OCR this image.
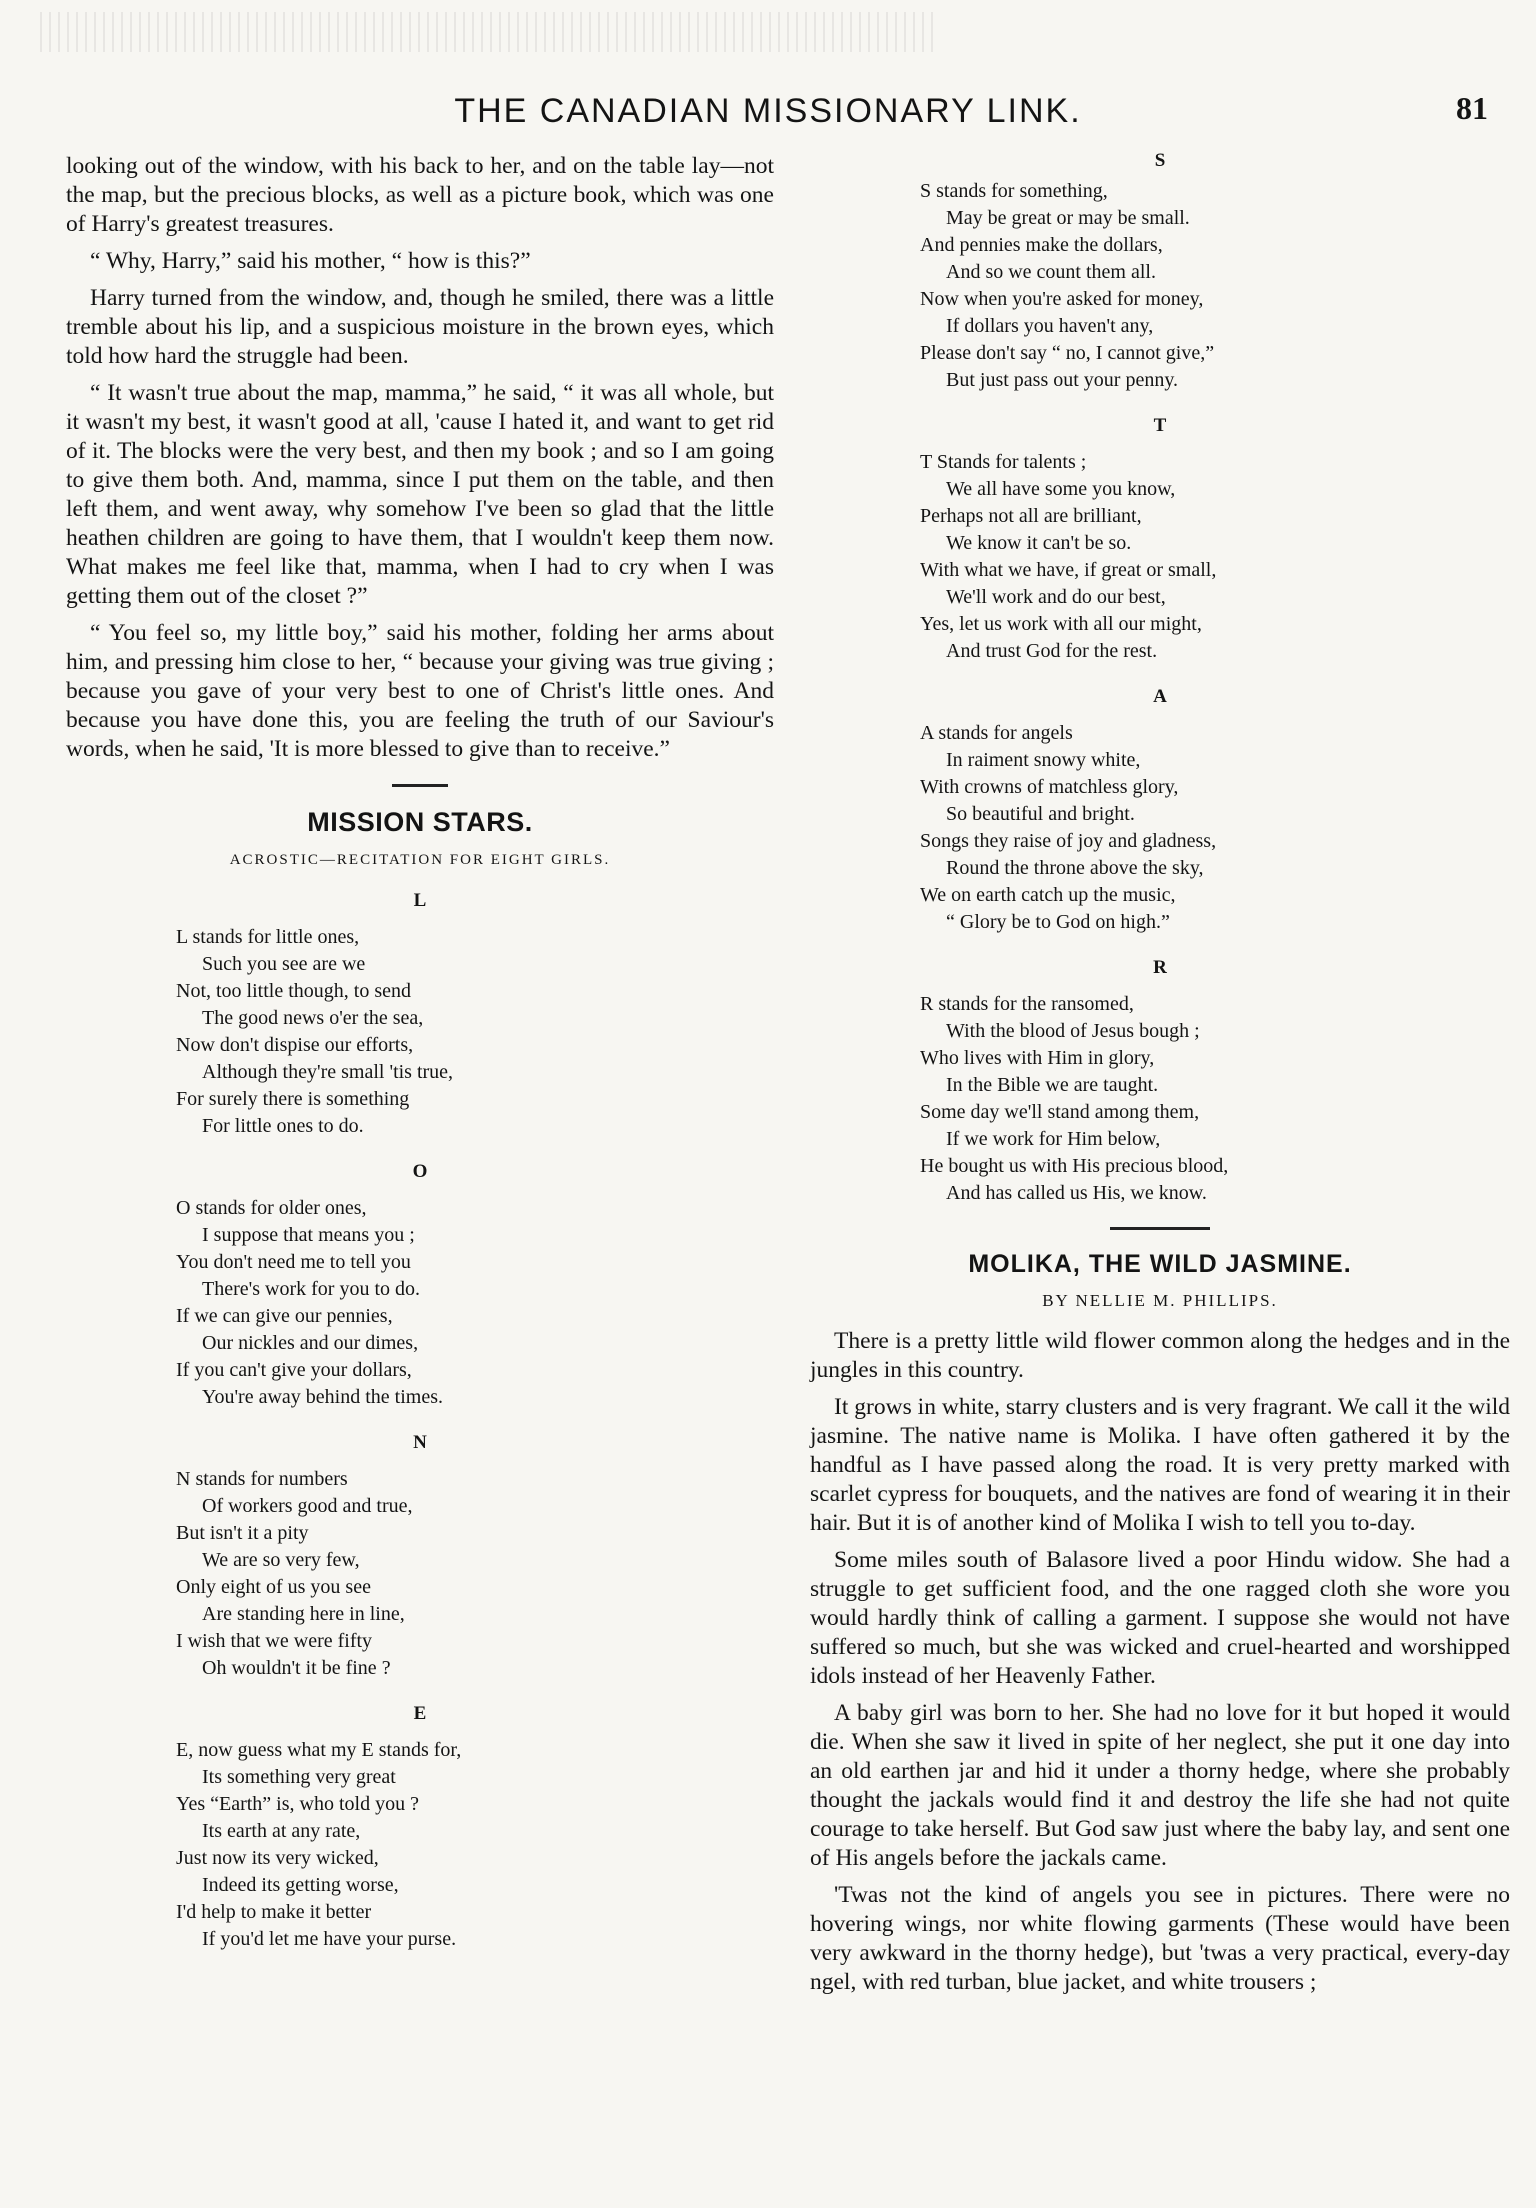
THE CANADIAN MISSIONARY LINK.	81

looking out of the window, with his back to her, and on the table lay—not the map, but the precious blocks, as well as a picture book, which was one of Harry's greatest treasures.

“ Why, Harry,” said his mother, “ how is this?”

Harry turned from the window, and, though he smiled, there was a little tremble about his lip, and a suspicious moisture in the brown eyes, which told how hard the struggle had been.

“ It wasn't true about the map, mamma,” he said, “ it was all whole, but it wasn't my best, it wasn't good at all, 'cause I hated it, and want to get rid of it. The blocks were the very best, and then my book ; and so I am going to give them both. And, mamma, since I put them on the table, and then left them, and went away, why somehow I've been so glad that the little heathen children are going to have them, that I wouldn't keep them now. What makes me feel like that, mamma, when I had to cry when I was getting them out of the closet ?”

“ You feel so, my little boy,” said his mother, folding her arms about him, and pressing him close to her, “ because your giving was true giving ; because you gave of your very best to one of Christ's little ones. And because you have done this, you are feeling the truth of our Saviour's words, when he said, 'It is more blessed to give than to receive.”

MISSION STARS.
ACROSTIC—RECITATION FOR EIGHT GIRLS.
L
L stands for little ones,
Such you see are we
Not, too little though, to send
The good news o'er the sea,
Now don't dispise our efforts,
Although they're small 'tis true,
For surely there is something
For little ones to do.
O
O stands for older ones,
I suppose that means you ;
You don't need me to tell you
There's work for you to do.
If we can give our pennies,
Our nickles and our dimes,
If you can't give your dollars,
You're away behind the times.
N
N stands for numbers
Of workers good and true,
But isn't it a pity
We are so very few,
Only eight of us you see
Are standing here in line,
I wish that we were fifty
Oh wouldn't it be fine ?
E
E, now guess what my E stands for,
Its something very great
Yes “Earth” is, who told you ?
Its earth at any rate,
Just now its very wicked,
Indeed its getting worse,
I'd help to make it better
If you'd let me have your purse.
S
S stands for something,
May be great or may be small.
And pennies make the dollars,
And so we count them all.
Now when you're asked for money,
If dollars you haven't any,
Please don't say “ no, I cannot give,”
But just pass out your penny.
T
T Stands for talents ;
We all have some you know,
Perhaps not all are brilliant,
We know it can't be so.
With what we have, if great or small,
We'll work and do our best,
Yes, let us work with all our might,
And trust God for the rest.
A
A stands for angels
In raiment snowy white,
With crowns of matchless glory,
So beautiful and bright.
Songs they raise of joy and gladness,
Round the throne above the sky,
We on earth catch up the music,
“ Glory be to God on high.”
R
R stands for the ransomed,
With the blood of Jesus bough ;
Who lives with Him in glory,
In the Bible we are taught.
Some day we'll stand among them,
If we work for Him below,
He bought us with His precious blood,
And has called us His, we know.
MOLIKA, THE WILD JASMINE.
BY NELLIE M. PHILLIPS.

There is a pretty little wild flower common along the hedges and in the jungles in this country.

It grows in white, starry clusters and is very fragrant. We call it the wild jasmine. The native name is Molika. I have often gathered it by the handful as I have passed along the road. It is very pretty marked with scarlet cypress for bouquets, and the natives are fond of wearing it in their hair. But it is of another kind of Molika I wish to tell you to-day.

Some miles south of Balasore lived a poor Hindu widow. She had a struggle to get sufficient food, and the one ragged cloth she wore you would hardly think of calling a garment. I suppose she would not have suffered so much, but she was wicked and cruel-hearted and worshipped idols instead of her Heavenly Father.

A baby girl was born to her. She had no love for it but hoped it would die. When she saw it lived in spite of her neglect, she put it one day into an old earthen jar and hid it under a thorny hedge, where she probably thought the jackals would find it and destroy the life she had not quite courage to take herself. But God saw just where the baby lay, and sent one of His angels before the jackals came.

'Twas not the kind of angels you see in pictures. There were no hovering wings, nor white flowing garments (These would have been very awkward in the thorny hedge), but 'twas a very practical, every-day ngel, with red turban, blue jacket, and white trousers ;
